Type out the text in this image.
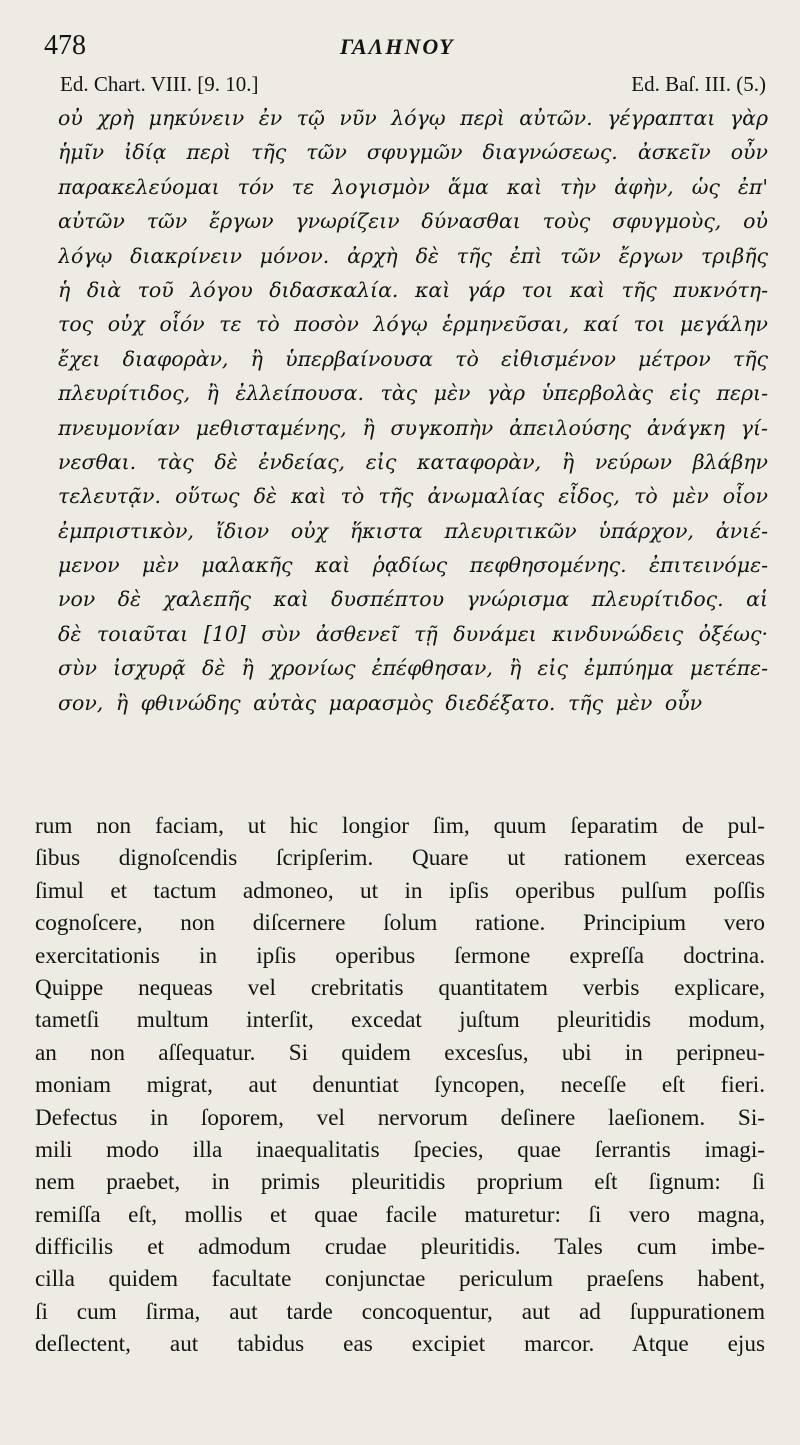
478	ΓΑΛΗΝΟΥ
Ed. Chart. VIII. [9. 10.]	Ed. Baſ. III. (5.)
οὐ χρὴ μηκύνειν ἐν τῷ νῦν λόγῳ περὶ αὐτῶν. γέγραπται γὰρ
ἡμῖν ἰδίᾳ περὶ τῆς τῶν σφυγμῶν διαγνώσεως. ἀσκεῖν οὖν
παρακελεύομαι τόν τε λογισμὸν ἅμα καὶ τὴν ἀφὴν, ὡς ἐπ'
αὐτῶν τῶν ἔργων γνωρίζειν δύνασθαι τοὺς σφυγμοὺς, οὐ
λόγῳ διακρίνειν μόνον. ἀρχὴ δὲ τῆς ἐπὶ τῶν ἔργων τριβῆς
ἡ διὰ τοῦ λόγου διδασκαλία. καὶ γάρ τοι καὶ τῆς πυκνότη-
τος οὐχ οἷόν τε τὸ ποσὸν λόγῳ ἑρμηνεῦσαι, καί τοι μεγάλην
ἔχει διαφορὰν, ἢ ὑπερβαίνουσα τὸ εἰθισμένον μέτρον τῆς
πλευρίτιδος, ἢ ἐλλείπουσα. τὰς μὲν γὰρ ὑπερβολὰς εἰς περι-
πνευμονίαν μεθισταμένης, ἢ συγκοπὴν ἀπειλούσης ἀνάγκη γί-
νεσθαι. τὰς δὲ ἐνδείας, εἰς καταφορὰν, ἢ νεύρων βλάβην
τελευτᾷν. οὕτως δὲ καὶ τὸ τῆς ἀνωμαλίας εἶδος, τὸ μὲν οἷον
ἐμπριστικὸν, ἴδιον οὐχ ἥκιστα πλευριτικῶν ὑπάρχον, ἀνιέ-
μενον μὲν μαλακῆς καὶ ῥᾳδίως πεφθησομένης. ἐπιτεινόμε-
νον δὲ χαλεπῆς καὶ δυσπέπτου γνώρισμα πλευρίτιδος. αἱ
δὲ τοιαῦται [10] σὺν ἀσθενεῖ τῇ δυνάμει κινδυνώδεις ὀξέως·
σὺν ἰσχυρᾷ δὲ ἢ χρονίως ἐπέφθησαν, ἢ εἰς ἐμπύημα μετέπε-
σον, ἢ φθινώδης αὐτὰς μαρασμὸς διεδέξατο. τῆς μὲν οὖν
rum non faciam, ut hic longior ſim, quum ſeparatim de pul-
ſibus dignoſcendis ſcripſerim. Quare ut rationem exerceas
ſimul et tactum admoneo, ut in ipſis operibus pulſum poſſis
cognoſcere, non diſcernere ſolum ratione. Principium vero
exercitationis in ipſis operibus ſermone expreſſa doctrina.
Quippe nequeas vel crebritatis quantitatem verbis explicare,
tametſi multum interſit, excedat juſtum pleuritidis modum,
an non aſſequatur. Si quidem excesſus, ubi in peripneu-
moniam migrat, aut denuntiat ſyncopen, neceſſe eſt fieri.
Defectus in ſoporem, vel nervorum deſinere laeſionem. Si-
mili modo illa inaequalitatis ſpecies, quae ſerrantis imagi-
nem praebet, in primis pleuritidis proprium eſt ſignum: ſi
remiſſa eſt, mollis et quae facile maturetur: ſi vero magna,
difficilis et admodum crudae pleuritidis. Tales cum imbe-
cilla quidem facultate conjunctae periculum praeſens habent,
ſi cum ſirma, aut tarde concoquentur, aut ad ſuppurationem
deſlectent, aut tabidus eas excipiet marcor. Atque ejus
